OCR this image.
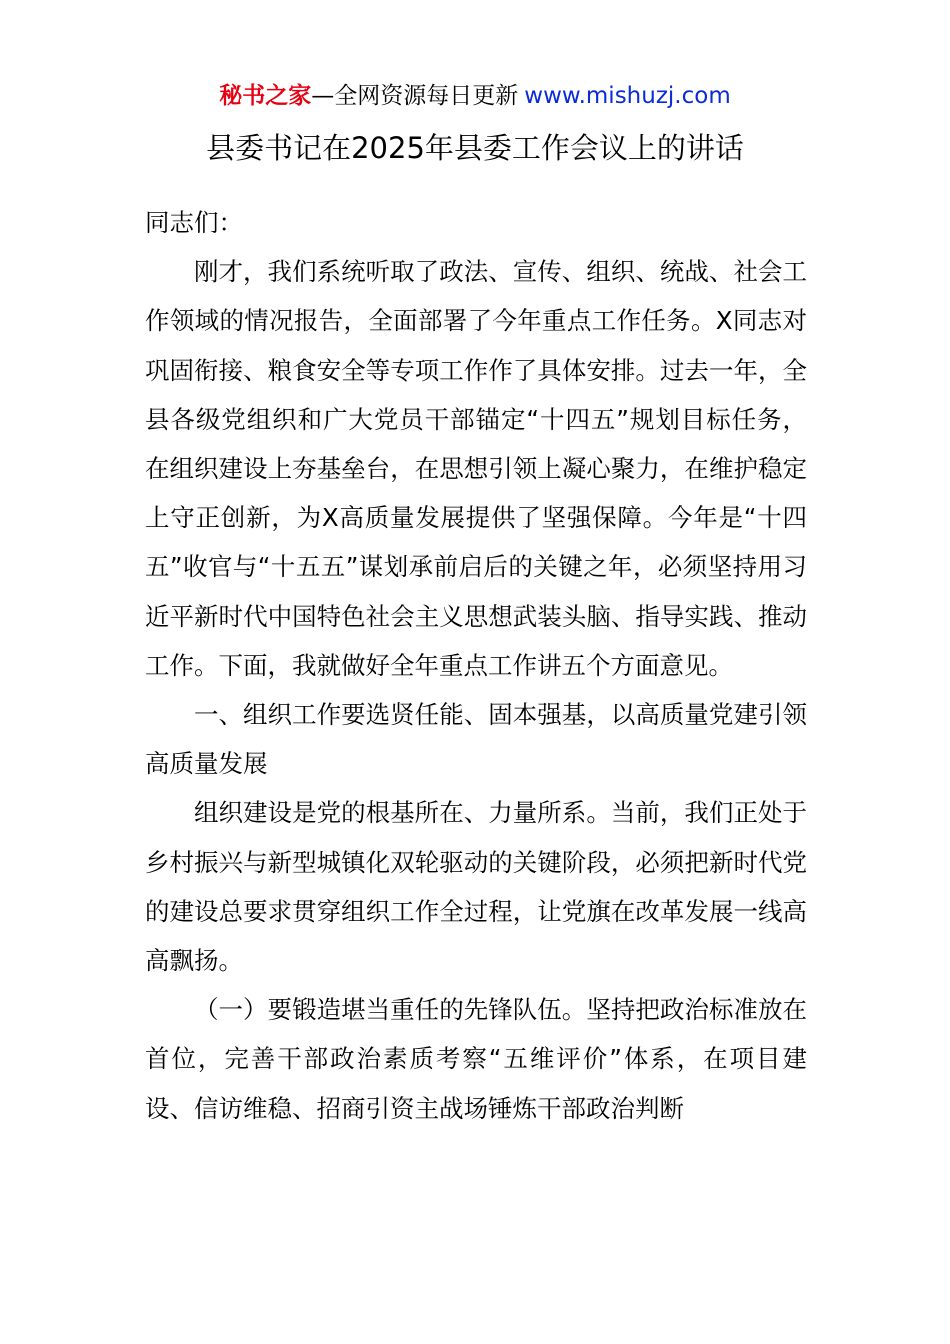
秘书之家—全网资源每日更新 www.mishuzj.com
县委书记在2025年县委工作会议上的讲话

同志们：

刚才，我们系统听取了政法、宣传、组织、统战、社会工作领域的情况报告，全面部署了今年重点工作任务。X同志对巩固衔接、粮食安全等专项工作作了具体安排。过去一年，全县各级党组织和广大党员干部锚定“十四五”规划目标任务，在组织建设上夯基垒台，在思想引领上凝心聚力，在维护稳定上守正创新，为X高质量发展提供了坚强保障。今年是“十四五”收官与“十五五”谋划承前启后的关键之年，必须坚持用习近平新时代中国特色社会主义思想武装头脑、指导实践、推动工作。下面，我就做好全年重点工作讲五个方面意见。

一、组织工作要选贤任能、固本强基，以高质量党建引领高质量发展

组织建设是党的根基所在、力量所系。当前，我们正处于乡村振兴与新型城镇化双轮驱动的关键阶段，必须把新时代党的建设总要求贯穿组织工作全过程，让党旗在改革发展一线高高飘扬。

（一）要锻造堪当重任的先锋队伍。坚持把政治标准放在首位，完善干部政治素质考察“五维评价”体系，在项目建设、信访维稳、招商引资主战场锤炼干部政治判断
